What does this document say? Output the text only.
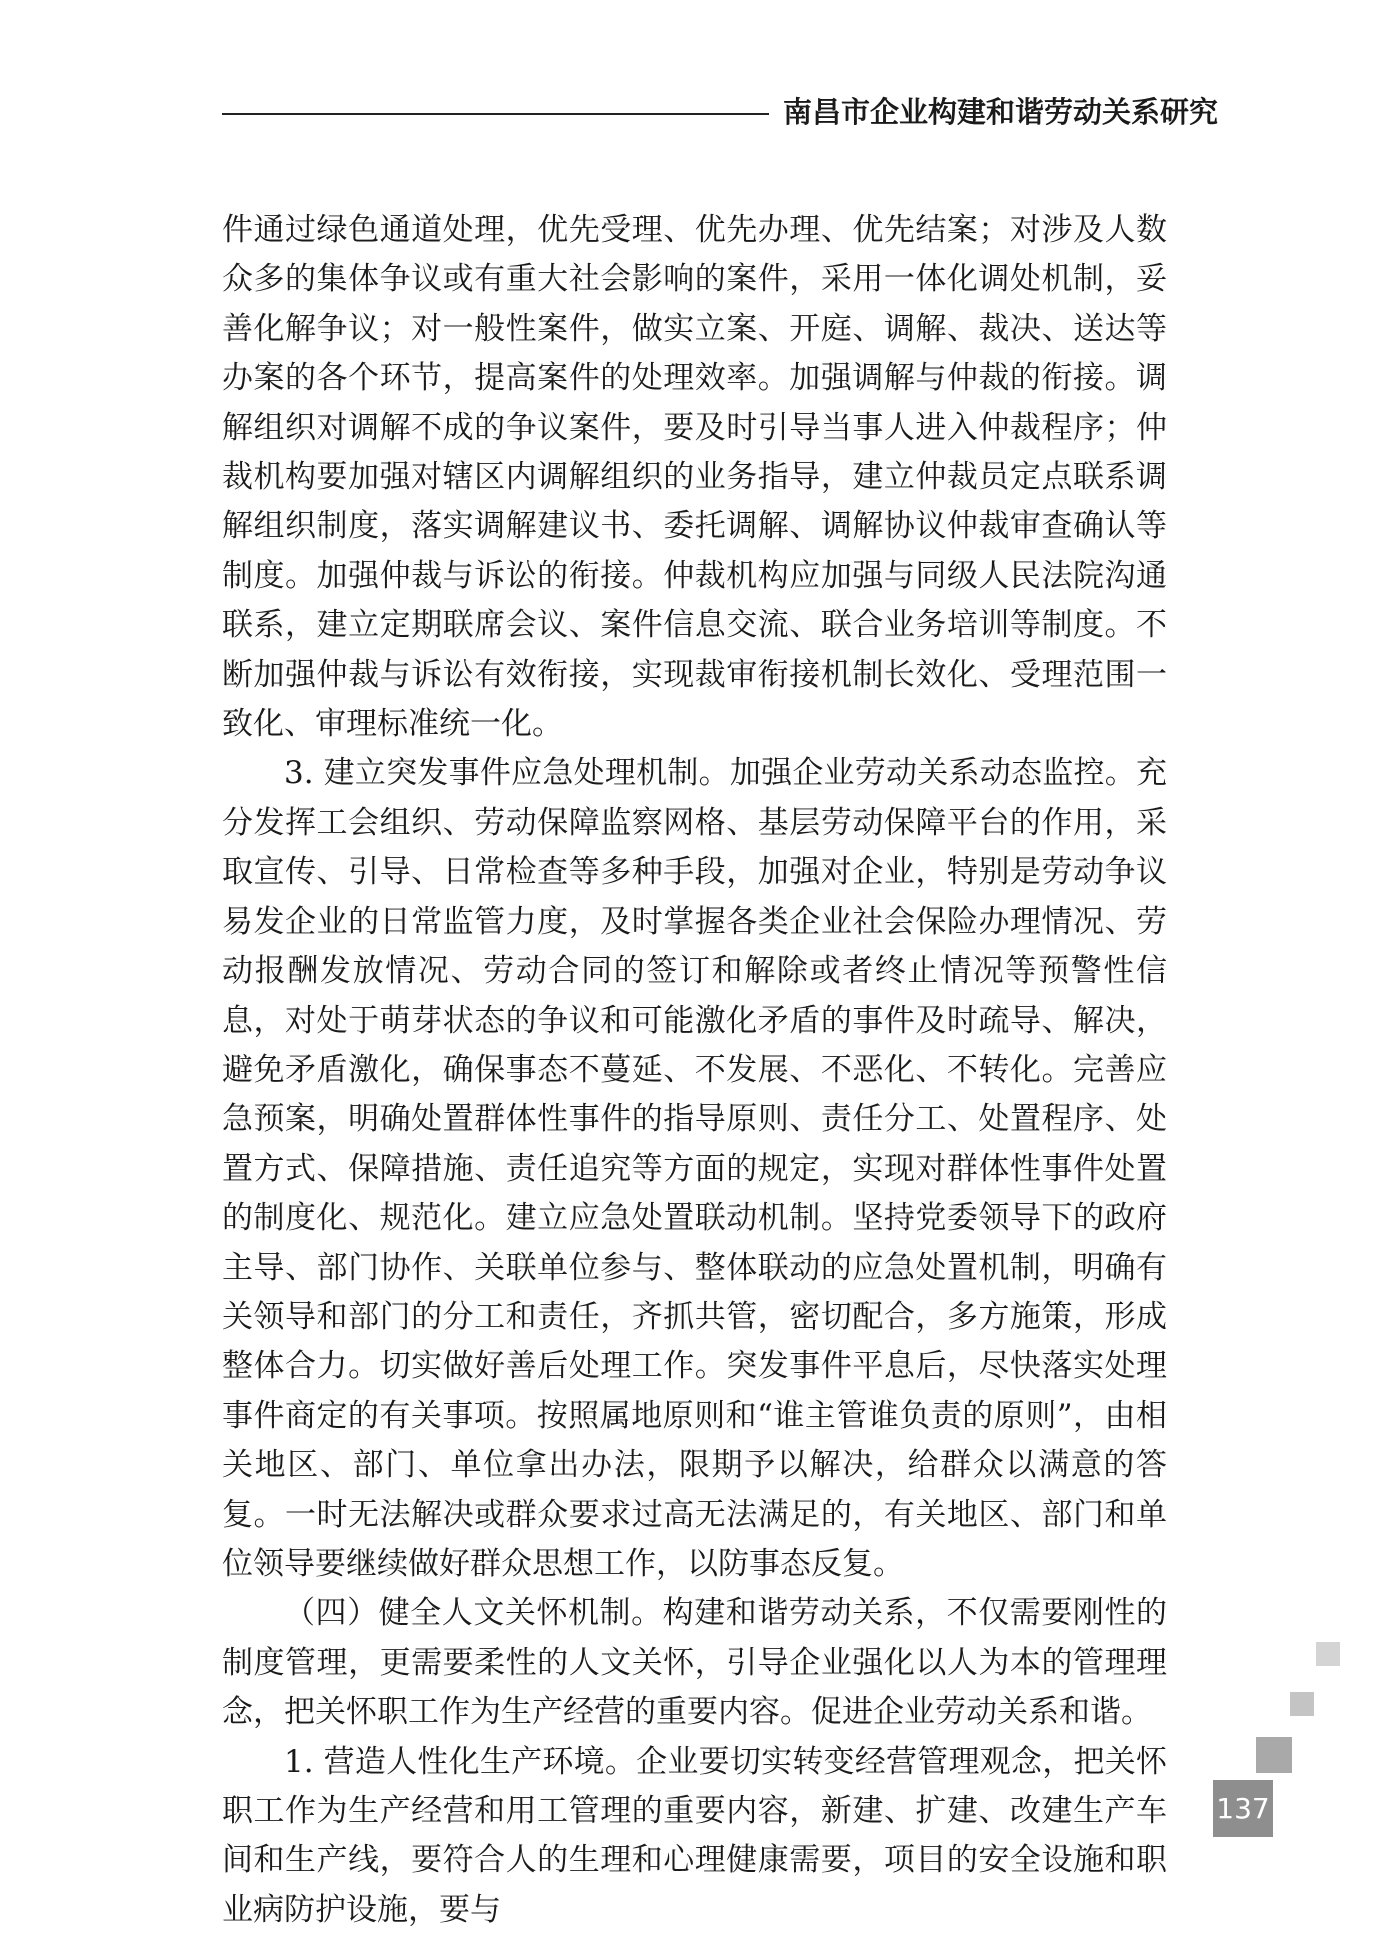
南昌市企业构建和谐劳动关系研究

件通过绿色通道处理，优先受理、优先办理、优先结案；对涉及人数众多的集体争议或有重大社会影响的案件，采用一体化调处机制，妥善化解争议；对一般性案件，做实立案、开庭、调解、裁决、送达等办案的各个环节，提高案件的处理效率。加强调解与仲裁的衔接。调解组织对调解不成的争议案件，要及时引导当事人进入仲裁程序；仲裁机构要加强对辖区内调解组织的业务指导，建立仲裁员定点联系调解组织制度，落实调解建议书、委托调解、调解协议仲裁审查确认等制度。加强仲裁与诉讼的衔接。仲裁机构应加强与同级人民法院沟通联系，建立定期联席会议、案件信息交流、联合业务培训等制度。不断加强仲裁与诉讼有效衔接，实现裁审衔接机制长效化、受理范围一致化、审理标准统一化。

3. 建立突发事件应急处理机制。加强企业劳动关系动态监控。充分发挥工会组织、劳动保障监察网格、基层劳动保障平台的作用，采取宣传、引导、日常检查等多种手段，加强对企业，特别是劳动争议易发企业的日常监管力度，及时掌握各类企业社会保险办理情况、劳动报酬发放情况、劳动合同的签订和解除或者终止情况等预警性信息，对处于萌芽状态的争议和可能激化矛盾的事件及时疏导、解决，避免矛盾激化，确保事态不蔓延、不发展、不恶化、不转化。完善应急预案，明确处置群体性事件的指导原则、责任分工、处置程序、处置方式、保障措施、责任追究等方面的规定，实现对群体性事件处置的制度化、规范化。建立应急处置联动机制。坚持党委领导下的政府主导、部门协作、关联单位参与、整体联动的应急处置机制，明确有关领导和部门的分工和责任，齐抓共管，密切配合，多方施策，形成整体合力。切实做好善后处理工作。突发事件平息后，尽快落实处理事件商定的有关事项。按照属地原则和“谁主管谁负责的原则”，由相关地区、部门、单位拿出办法，限期予以解决，给群众以满意的答复。一时无法解决或群众要求过高无法满足的，有关地区、部门和单位领导要继续做好群众思想工作，以防事态反复。

（四）健全人文关怀机制。构建和谐劳动关系，不仅需要刚性的制度管理，更需要柔性的人文关怀，引导企业强化以人为本的管理理念，把关怀职工作为生产经营的重要内容。促进企业劳动关系和谐。

1. 营造人性化生产环境。企业要切实转变经营管理观念，把关怀职工作为生产经营和用工管理的重要内容，新建、扩建、改建生产车间和生产线，要符合人的生理和心理健康需要，项目的安全设施和职业病防护设施，要与

137
